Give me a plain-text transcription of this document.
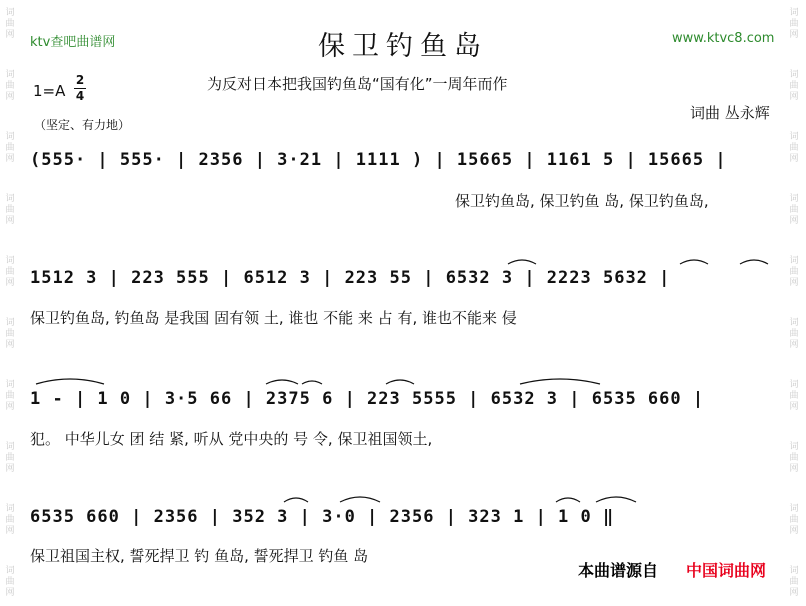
词
曲
网
词
曲
网
词
曲
网
词
曲
网
词
曲
网
词
曲
网
词
曲
网
词
曲
网
词
曲
网
词
曲
网
词
曲
网
词
曲
网
词
曲
网
词
曲
网
词
曲
网
词
曲
网
词
曲
网
词
曲
网
词
曲
网
词
曲
网
ktv查吧曲谱网	保卫钓鱼岛	www.ktvc8.com
为反对日本把我国钓鱼岛“国有化”一周年而作
1=A
2
4
词曲 丛永辉
（坚定、有力地）
(555· | 555· | 2356 | 3·21 | 1111 ) | 15665 | 1161 5 | 15665 |
保卫钓鱼岛, 保卫钓鱼 岛, 保卫钓鱼岛,
1512 3 | 223 555 | 6512 3 | 223 55 | 6532 3 | 2223 5632 |
保卫钓鱼岛, 钓鱼岛 是我国 固有领 土, 谁也 不能 来 占 有, 谁也不能来 侵
1 - | 1 0 | 3·5 66 | 2375 6 | 223 5555 | 6532 3 | 6535 660 |
犯。 中华儿女 团 结 紧, 听从 党中央的 号 令, 保卫祖国领土,
6535 660 | 2356 | 352 3 | 3·0 | 2356 | 323 1 | 1 0 ‖
保卫祖国主权, 誓死捍卫 钓 鱼岛, 誓死捍卫 钓鱼 岛
本曲谱源自 中国词曲网
